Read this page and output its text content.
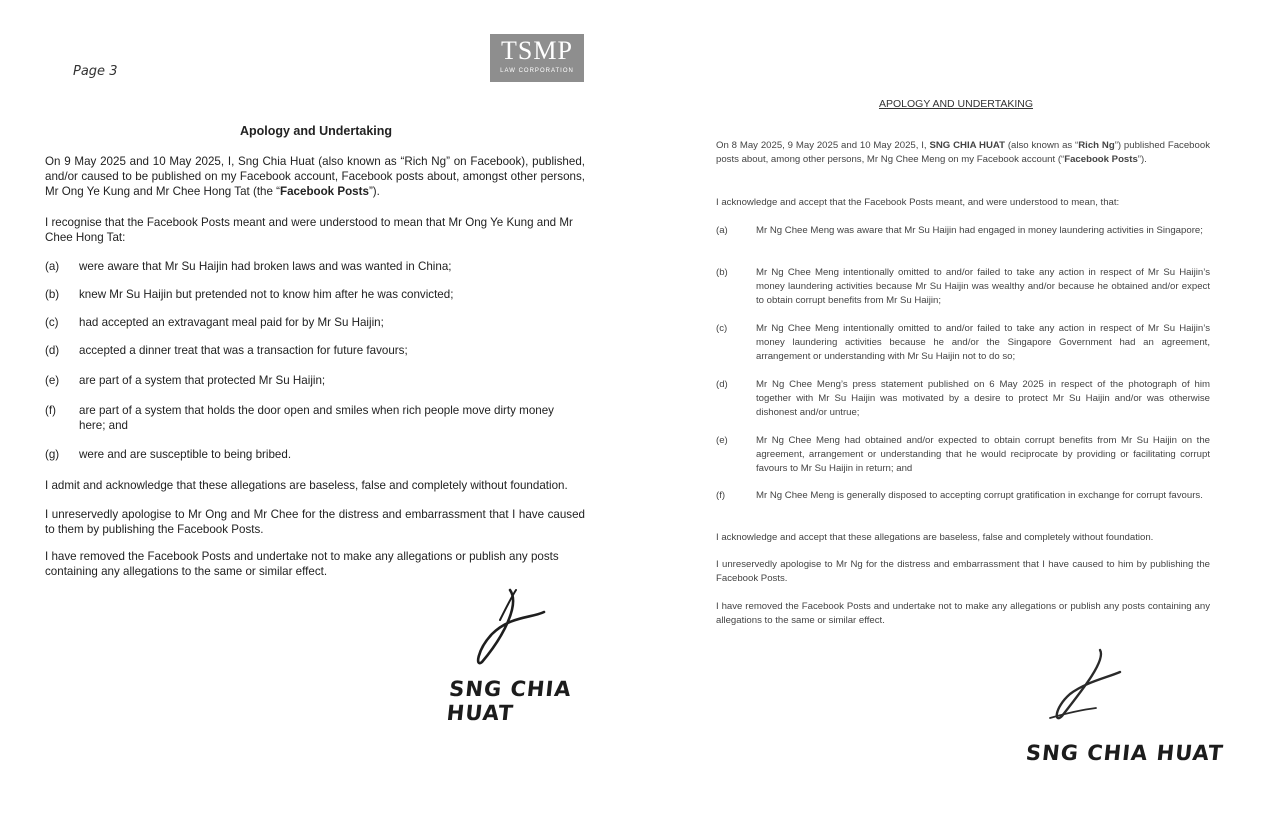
Page 3
TSMP
LAW CORPORATION
Apology and Undertaking
On 9 May 2025 and 10 May 2025, I, Sng Chia Huat (also known as “Rich Ng” on Facebook), published, and/or caused to be published on my Facebook account, Facebook posts about, amongst other persons, Mr Ong Ye Kung and Mr Chee Hong Tat (the “Facebook Posts”).
I recognise that the Facebook Posts meant and were understood to mean that Mr Ong Ye Kung and Mr Chee Hong Tat:
(a) were aware that Mr Su Haijin had broken laws and was wanted in China;
(b) knew Mr Su Haijin but pretended not to know him after he was convicted;
(c) had accepted an extravagant meal paid for by Mr Su Haijin;
(d) accepted a dinner treat that was a transaction for future favours;
(e) are part of a system that protected Mr Su Haijin;
(f) are part of a system that holds the door open and smiles when rich people move dirty money here; and
(g) were and are susceptible to being bribed.
I admit and acknowledge that these allegations are baseless, false and completely without foundation.
I unreservedly apologise to Mr Ong and Mr Chee for the distress and embarrassment that I have caused to them by publishing the Facebook Posts.
I have removed the Facebook Posts and undertake not to make any allegations or publish any posts containing any allegations to the same or similar effect.
SNG CHIA HUAT
APOLOGY AND UNDERTAKING
On 8 May 2025, 9 May 2025 and 10 May 2025, I, SNG CHIA HUAT (also known as “Rich Ng”) published Facebook posts about, among other persons, Mr Ng Chee Meng on my Facebook account (“Facebook Posts”).
I acknowledge and accept that the Facebook Posts meant, and were understood to mean, that:
(a)	Mr Ng Chee Meng was aware that Mr Su Haijin had engaged in money laundering activities in Singapore;
(b)	Mr Ng Chee Meng intentionally omitted to and/or failed to take any action in respect of Mr Su Haijin’s money laundering activities because Mr Su Haijin was wealthy and/or because he obtained and/or expect to obtain corrupt benefits from Mr Su Haijin;
(c)	Mr Ng Chee Meng intentionally omitted to and/or failed to take any action in respect of Mr Su Haijin’s money laundering activities because he and/or the Singapore Government had an agreement, arrangement or understanding with Mr Su Haijin not to do so;
(d)	Mr Ng Chee Meng’s press statement published on 6 May 2025 in respect of the photograph of him together with Mr Su Haijin was motivated by a desire to protect Mr Su Haijin and/or was otherwise dishonest and/or untrue;
(e)	Mr Ng Chee Meng had obtained and/or expected to obtain corrupt benefits from Mr Su Haijin on the agreement, arrangement or understanding that he would reciprocate by providing or facilitating corrupt favours to Mr Su Haijin in return; and
(f)	Mr Ng Chee Meng is generally disposed to accepting corrupt gratification in exchange for corrupt favours.
I acknowledge and accept that these allegations are baseless, false and completely without foundation.
I unreservedly apologise to Mr Ng for the distress and embarrassment that I have caused to him by publishing the Facebook Posts.
I have removed the Facebook Posts and undertake not to make any allegations or publish any posts containing any allegations to the same or similar effect.
SNG CHIA HUAT
